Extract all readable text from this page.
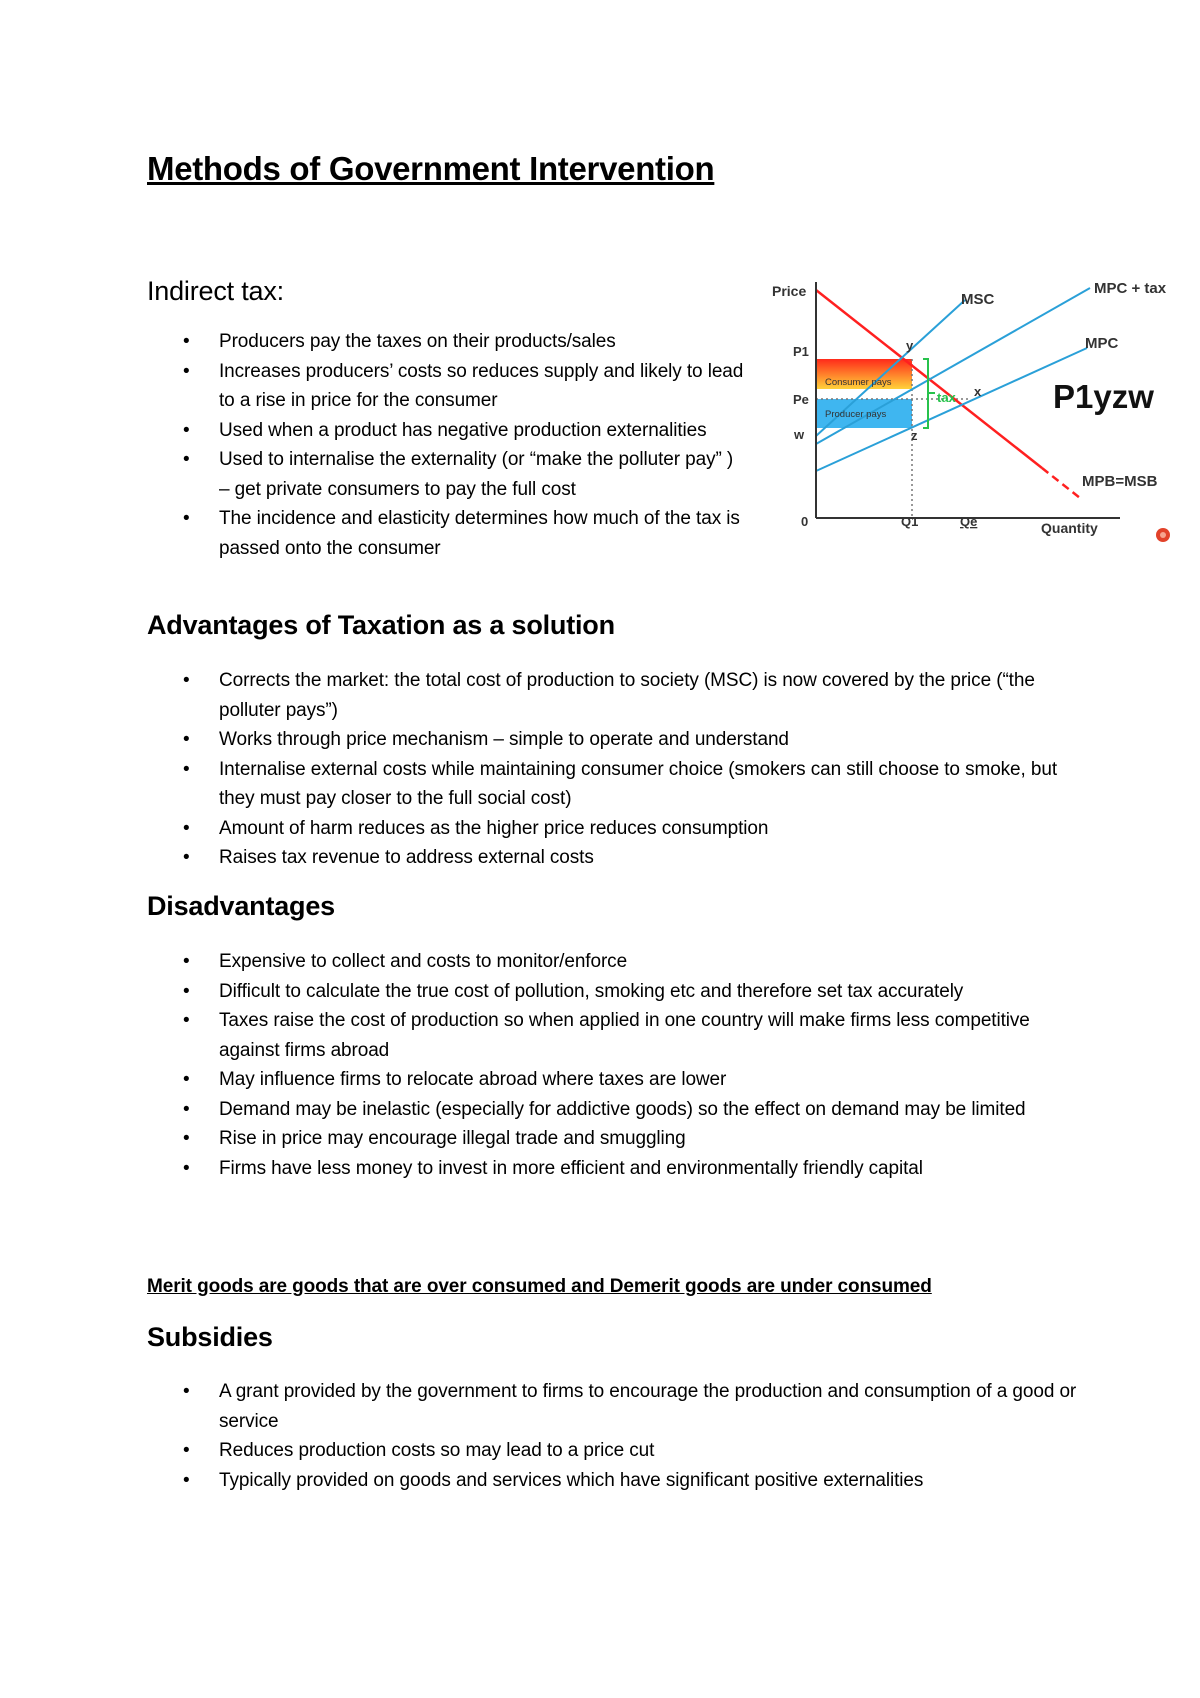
Methods of Government Intervention
Indirect tax:
• Producers pay the taxes on their products/sales
• Increases producers’ costs so reduces supply and likely to lead to a rise in price for the consumer
• Used when a product has negative production externalities
• Used to internalise the externality (or “make the polluter pay” ) – get private consumers to pay the full cost
• The incidence and elasticity determines how much of the tax is passed onto the consumer
Price
P1
Pe
w
0	Q1	Qe	Quantity
MSC
MPC + tax
MPC
MPB=MSB
y
x
z
Consumer pays
Producer pays
tax	P1yzw
Advantages of Taxation as a solution
• Corrects the market: the total cost of production to society (MSC) is now covered by the price (“the polluter pays”)
• Works through price mechanism – simple to operate and understand
• Internalise external costs while maintaining consumer choice (smokers can still choose to smoke, but they must pay closer to the full social cost)
• Amount of harm reduces as the higher price reduces consumption
• Raises tax revenue to address external costs
Disadvantages
• Expensive to collect and costs to monitor/enforce
• Difficult to calculate the true cost of pollution, smoking etc and therefore set tax accurately
• Taxes raise the cost of production so when applied in one country will make firms less competitive against firms abroad
• May influence firms to relocate abroad where taxes are lower
• Demand may be inelastic (especially for addictive goods) so the effect on demand may be limited
• Rise in price may encourage illegal trade and smuggling
• Firms have less money to invest in more efficient and environmentally friendly capital

Merit goods are goods that are over consumed and Demerit goods are under consumed

Subsidies
• A grant provided by the government to firms to encourage the production and consumption of a good or service
• Reduces production costs so may lead to a price cut
• Typically provided on goods and services which have significant positive externalities
